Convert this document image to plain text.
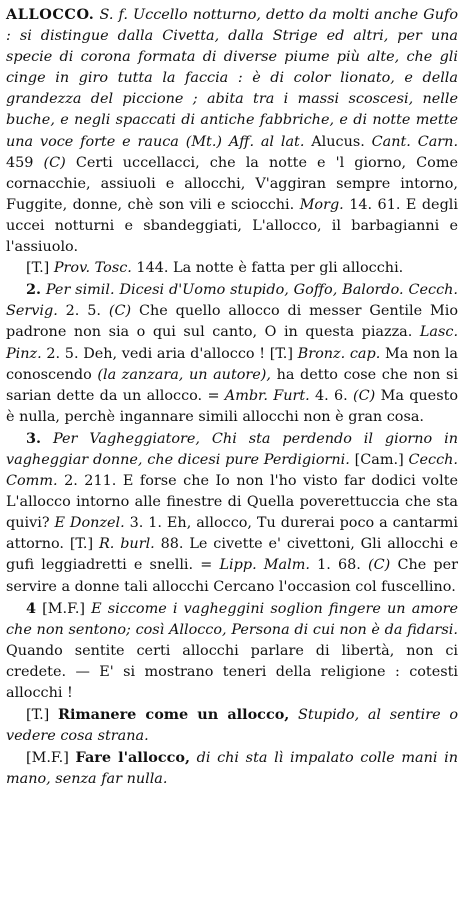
ALLOCCO. S. f. Uccello notturno, detto da molti anche Gufo : si distingue dalla Civetta, dalla Strige ed altri, per una specie di corona formata di diverse piume più alte, che gli cinge in giro tutta la faccia : è di color lionato, e della grandezza del piccione ; abita tra i massi scoscesi, nelle buche, e negli spaccati di antiche fabbriche, e di notte mette una voce forte e rauca (Mt.) Aff. al lat. Alucus. Cant. Carn. 459 (C) Certi uccellacci, che la notte e 'l giorno, Come cornacchie, assiuoli e allocchi, V'aggiran sempre intorno, Fuggite, donne, chè son vili e sciocchi. Morg. 14. 61. E degli uccei notturni e sbandeggiati, L'allocco, il barbagianni e l'assiuolo.

[T.] Prov. Tosc. 144. La notte è fatta per gli allocchi.

2. Per simil. Dicesi d'Uomo stupido, Goffo, Balordo. Cecch. Servig. 2. 5. (C) Che quello allocco di messer Gentile Mio padrone non sia o qui sul canto, O in questa piazza. Lasc. Pinz. 2. 5. Deh, vedi aria d'allocco ! [T.] Bronz. cap. Ma non la conoscendo (la zanzara, un autore), ha detto cose che non si sarian dette da un allocco. = Ambr. Furt. 4. 6. (C) Ma questo è nulla, perchè ingannare simili allocchi non è gran cosa.

3. Per Vagheggiatore, Chi sta perdendo il giorno in vagheggiar donne, che dicesi pure Perdigiorni. [Cam.] Cecch. Comm. 2. 211. E forse che Io non l'ho visto far dodici volte L'allocco intorno alle finestre di Quella poverettuccia che sta quivi? E Donzel. 3. 1. Eh, allocco, Tu durerai poco a cantarmi attorno. [T.] R. burl. 88. Le civette e' civettoni, Gli allocchi e gufi leggiadretti e snelli. = Lipp. Malm. 1. 68. (C) Che per servire a donne tali allocchi Cercano l'occasion col fuscellino.

4 [M.F.] E siccome i vagheggini soglion fingere un amore che non sentono; così Allocco, Persona di cui non è da fidarsi. Quando sentite certi allocchi parlare di libertà, non ci credete. — E' si mostrano teneri della religione : cotesti allocchi !

[T.] Rimanere come un allocco, Stupido, al sentire o vedere cosa strana.

[M.F.] Fare l'allocco, di chi sta lì impalato colle mani in mano, senza far nulla.
